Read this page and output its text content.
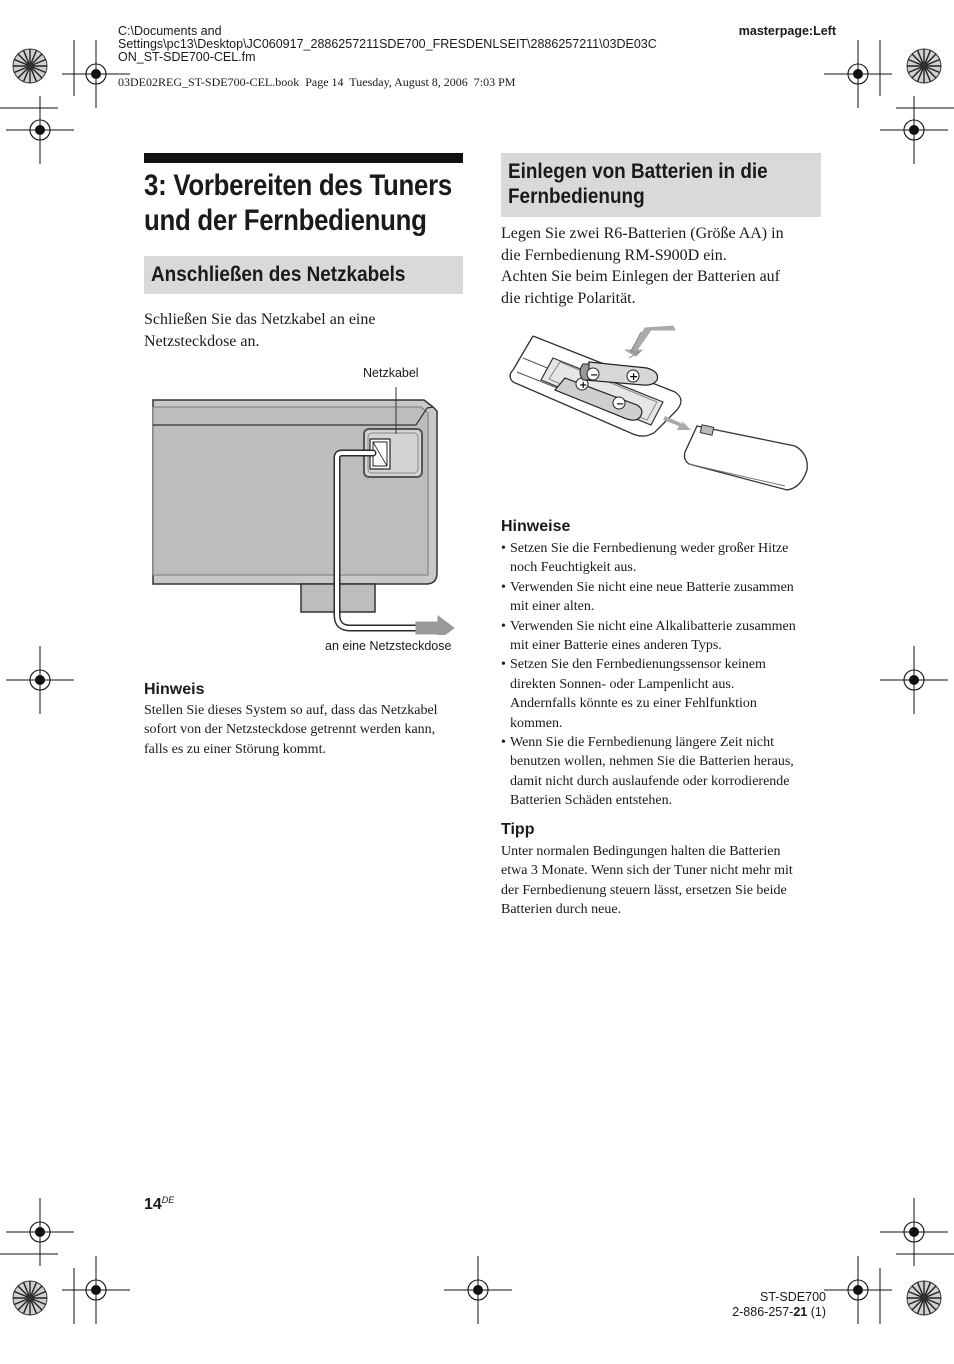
C:\Documents and
Settings\pc13\Desktop\JC060917_2886257211SDE700_FRESDENLSEIT\2886257211\03DE03C
ON_ST-SDE700-CEL.fm
03DE02REG_ST-SDE700-CEL.book  Page 14  Tuesday, August 8, 2006  7:03 PM
masterpage:Left
3: Vorbereiten des Tuners
und der Fernbedienung
Anschließen des Netzkabels
Schließen Sie das Netzkabel an eine
Netzsteckdose an.
Netzkabel
an eine Netzsteckdose
Hinweis
Stellen Sie dieses System so auf, dass das Netzkabel
sofort von der Netzsteckdose getrennt werden kann,
falls es zu einer Störung kommt.
Einlegen von Batterien in die
Fernbedienung
Legen Sie zwei R6-Batterien (Größe AA) in
die Fernbedienung RM-S900D ein.
Achten Sie beim Einlegen der Batterien auf
die richtige Polarität.
+
−
−	+
Hinweise
• Setzen Sie die Fernbedienung weder großer Hitze
noch Feuchtigkeit aus.
• Verwenden Sie nicht eine neue Batterie zusammen
mit einer alten.
• Verwenden Sie nicht eine Alkalibatterie zusammen
mit einer Batterie eines anderen Typs.
• Setzen Sie den Fernbedienungssensor keinem
direkten Sonnen- oder Lampenlicht aus.
Andernfalls könnte es zu einer Fehlfunktion
kommen.
• Wenn Sie die Fernbedienung längere Zeit nicht
benutzen wollen, nehmen Sie die Batterien heraus,
damit nicht durch auslaufende oder korrodierende
Batterien Schäden entstehen.
Tipp
Unter normalen Bedingungen halten die Batterien
etwa 3 Monate. Wenn sich der Tuner nicht mehr mit
der Fernbedienung steuern lässt, ersetzen Sie beide
Batterien durch neue.
14DE
ST-SDE700
2-886-257-21 (1)
